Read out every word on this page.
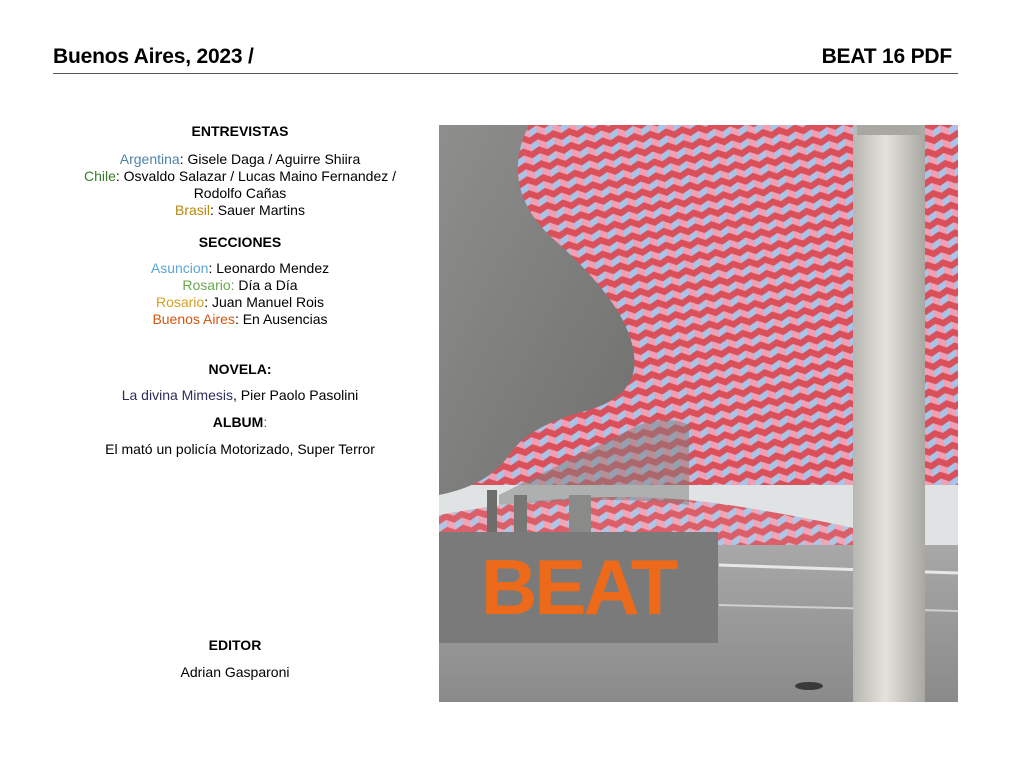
Buenos Aires, 2023 /	BEAT 16 PDF
ENTREVISTAS
Argentina: Gisele Daga / Aguirre Shiira
Chile: Osvaldo Salazar / Lucas Maino Fernandez /
Rodolfo Cañas
Brasil: Sauer Martins
SECCIONES
Asuncion: Leonardo Mendez
Rosario: Día a Día
Rosario: Juan Manuel Rois
Buenos Aires: En Ausencias
NOVELA:
La divina Mimesis, Pier Paolo Pasolini
ALBUM:
El mató un policía Motorizado, Super Terror
EDITOR
Adrian Gasparoni
BEAT
